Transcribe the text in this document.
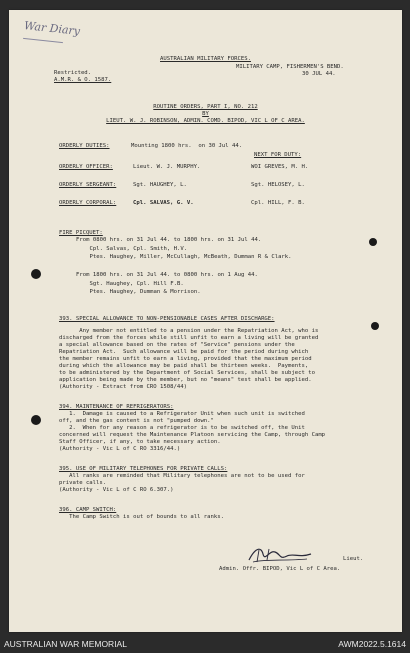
War Diary
AUSTRALIAN MILITARY FORCES.
MILITARY CAMP, FISHERMEN'S BEND.
30 JUL 44.
Restricted.
A.M.R. & O. 1587.
ROUTINE ORDERS, PART I, NO. 212
BY
LIEUT. W. J. ROBINSON, ADMIN. COMD. BIPOD, VIC L OF C AREA.
ORDERLY DUTIES:	Mounting 1800 hrs.  on 30 Jul 44.
NEXT FOR DUTY:
ORDERLY OFFICER:	Lieut. W. J. MURPHY.	WOI GREVES, M. H.
ORDERLY SERGEANT:	Sgt. HAUGHEY, L.	Sgt. HELOSEY, L.
ORDERLY CORPORAL:	Cpl. SALVAS, G. V.	Cpl. HILL, F. B.
FIRE PICQUET:
From 0800 hrs. on 31 Jul 44. to 1800 hrs. on 31 Jul 44.
Cpl. Salvas, Cpl. Smith, H.V.
Ptes. Haughey, Miller, McCullagh, McBeath, Dumman R & Clark.
From 1800 hrs. on 31 Jul 44. to 0800 hrs. on 1 Aug 44.
Sgt. Haughey, Cpl. Hill F.B.
Ptes. Haughey, Dumman & Morrison.
393. SPECIAL ALLOWANCE TO NON-PENSIONABLE CASES AFTER DISCHARGE:
Any member not entitled to a pension under the Repatriation Act, who is
discharged from the forces while still unfit to earn a living will be granted
a special allowance based on the rates of "Service" pensions under the
Repatriation Act.  Such allowance will be paid for the period during which
the member remains unfit to earn a living, provided that the maximum period
during which the allowance may be paid shall be thirteen weeks.  Payments,
to be administered by the Department of Social Services, shall be subject to
application being made by the member, but no "means" test shall be applied.
(Authority - Extract from CRO 1508/44)
394. MAINTENANCE OF REFRIGERATORS:
1.  Damage is caused to a Refrigerator Unit when such unit is switched
off, and the gas content is not "pumped down."
2.  When for any reason a refrigerator is to be switched off, the Unit
concerned will request the Maintenance Platoon servicing the Camp, through Camp
Staff Officer, if any, to take necessary action.
(Authority - Vic L of C RO 3316/44.)
395. USE OF MILITARY TELEPHONES FOR PRIVATE CALLS:
All ranks are reminded that Military telephones are not to be used for
private calls.
(Authority - Vic L of C RO 6.307.)
396. CAMP SWITCH:
The Camp Switch is out of bounds to all ranks.
Lieut.
Admin. Offr. BIPOD, Vic L of C Area.
AUSTRALIAN WAR MEMORIAL	AWM2022.5.1614
